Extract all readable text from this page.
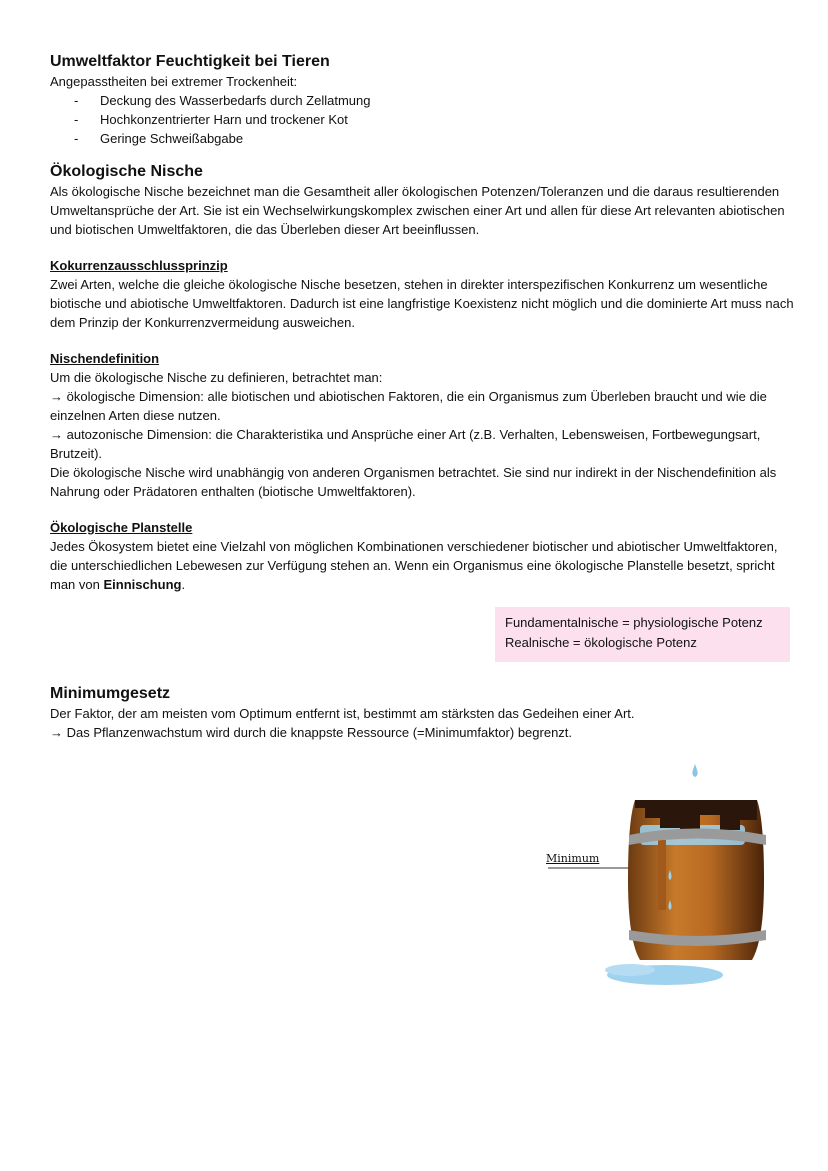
Umweltfaktor Feuchtigkeit bei Tieren

Angepasstheiten bei extremer Trockenheit:

- Deckung des Wasserbedarfs durch Zellatmung
- Hochkonzentrierter Harn und trockener Kot
- Geringe Schweißabgabe
Ökologische Nische

Als ökologische Nische bezeichnet man die Gesamtheit aller ökologischen Potenzen/Toleranzen und die daraus resultierenden Umweltansprüche der Art. Sie ist ein Wechselwirkungskomplex zwischen einer Art und allen für diese Art relevanten abiotischen und biotischen Umweltfaktoren, die das Überleben dieser Art beeinflussen.

Kokurrenzausschlussprinzip

Zwei Arten, welche die gleiche ökologische Nische besetzen, stehen in direkter interspezifischen Konkurrenz um wesentliche biotische und abiotische Umweltfaktoren. Dadurch ist eine langfristige Koexistenz nicht möglich und die dominierte Art muss nach dem Prinzip der Konkurrenzvermeidung ausweichen.

Nischendefinition

Um die ökologische Nische zu definieren, betrachtet man:

→ ökologische Dimension: alle biotischen und abiotischen Faktoren, die ein Organismus zum Überleben braucht und wie die einzelnen Arten diese nutzen.

→ autozonische Dimension: die Charakteristika und Ansprüche einer Art (z.B. Verhalten, Lebensweisen, Fortbewegungsart, Brutzeit).

Die ökologische Nische wird unabhängig von anderen Organismen betrachtet. Sie sind nur indirekt in der Nischendefinition als Nahrung oder Prädatoren enthalten (biotische Umweltfaktoren).

Ökologische Planstelle

Jedes Ökosystem bietet eine Vielzahl von möglichen Kombinationen verschiedener biotischer und abiotischer Umweltfaktoren, die unterschiedlichen Lebewesen zur Verfügung stehen an. Wenn ein Organismus eine ökologische Planstelle besetzt, spricht man von Einnischung.

Fundamentalnische = physiologische Potenz
Realnische = ökologische Potenz
Minimumgesetz

Der Faktor, der am meisten vom Optimum entfernt ist, bestimmt am stärksten das Gedeihen einer Art.

→ Das Pflanzenwachstum wird durch die knappste Ressource (=Minimumfaktor) begrenzt.

Minimum
